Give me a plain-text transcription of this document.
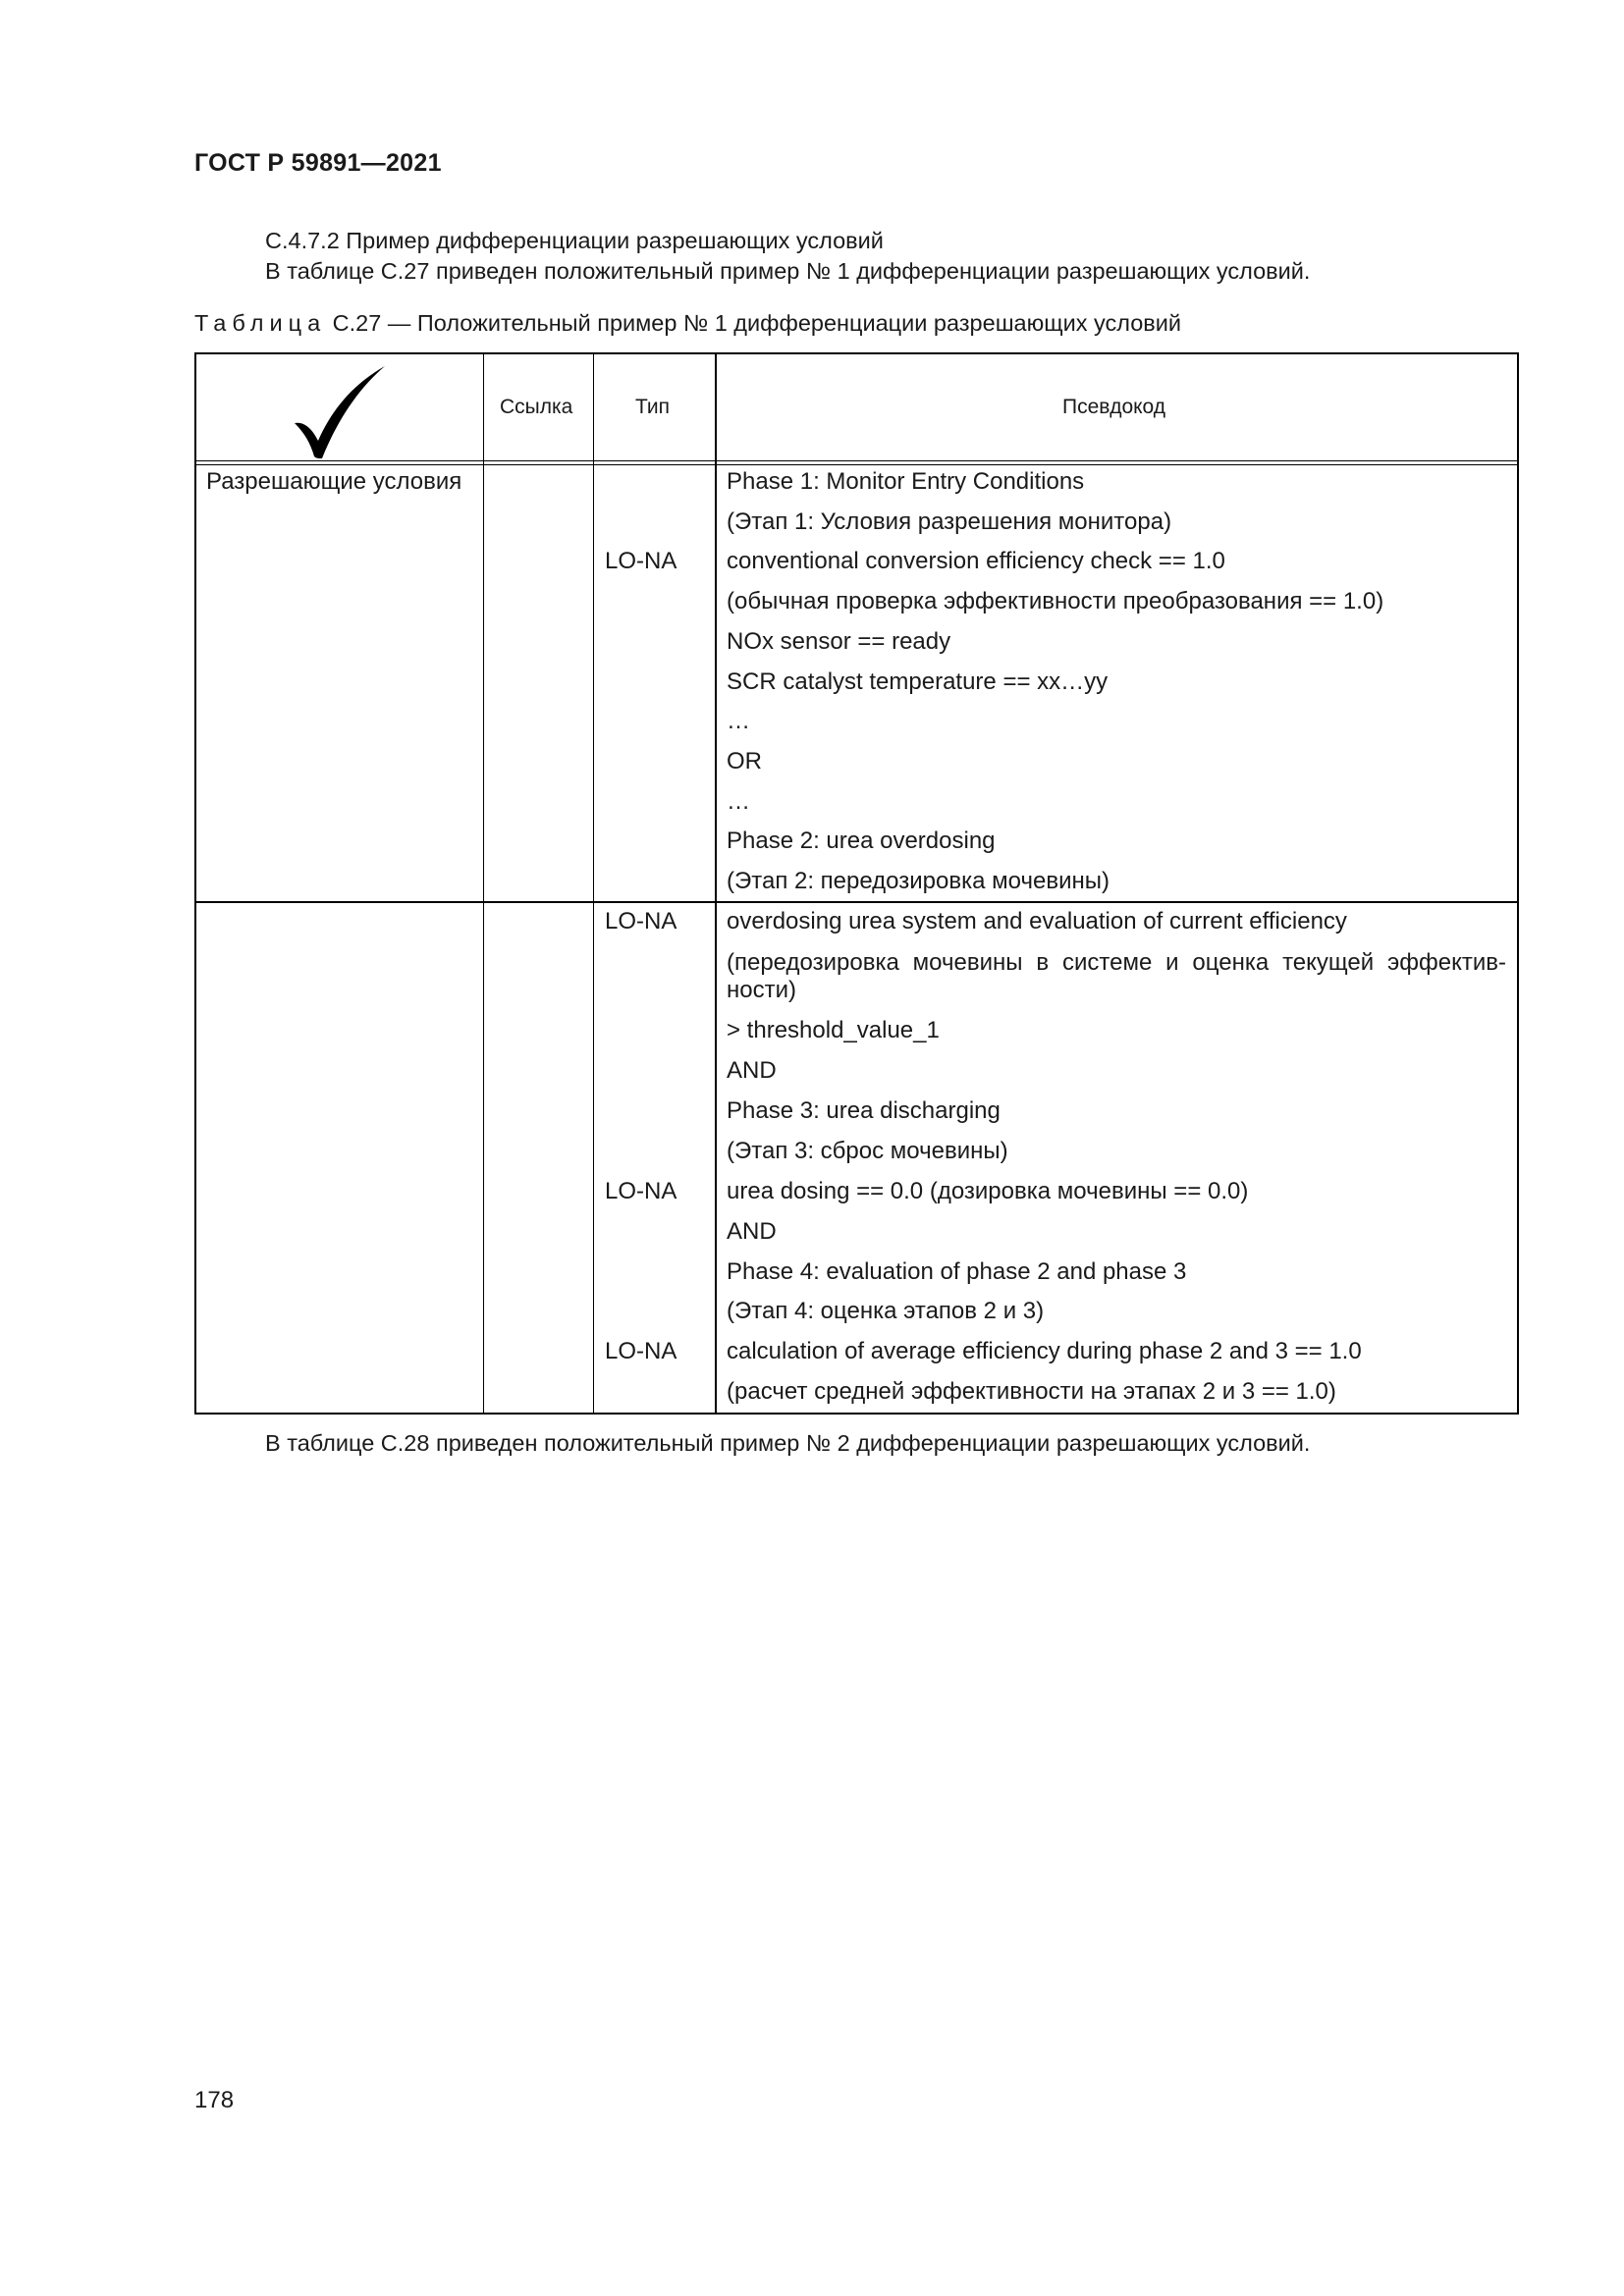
ГОСТ Р 59891—2021
С.4.7.2 Пример дифференциации разрешающих условий
В таблице С.27 приведен положительный пример № 1 дифференциации разрешающих условий.
Таблица С.27 — Положительный пример № 1 дифференциации разрешающих условий
Ссылка	Тип	Псевдокод
Разрешающие условия
LO-NA
Phase 1: Monitor Entry Conditions
(Этап 1: Условия разрешения монитора)
conventional conversion efficiency check == 1.0
(обычная проверка эффективности преобразования == 1.0)
NOx sensor == ready
SCR catalyst temperature == xx…yy
…
OR
…
Phase 2: urea overdosing
(Этап 2: передозировка мочевины)
LO-NA
LO-NA
LO-NA
overdosing urea system and evaluation of current efficiency
(передозировка мочевины в системе и оценка текущей эффектив-ности)
> threshold_value_1
AND
Phase 3: urea discharging
(Этап 3: сброс мочевины)
urea dosing == 0.0 (дозировка мочевины == 0.0)
AND
Phase 4: evaluation of phase 2 and phase 3
(Этап 4: оценка этапов 2 и 3)
calculation of average efficiency during phase 2 and 3 == 1.0
(расчет средней эффективности на этапах 2 и 3 == 1.0)
В таблице С.28 приведен положительный пример № 2 дифференциации разрешающих условий.
178
